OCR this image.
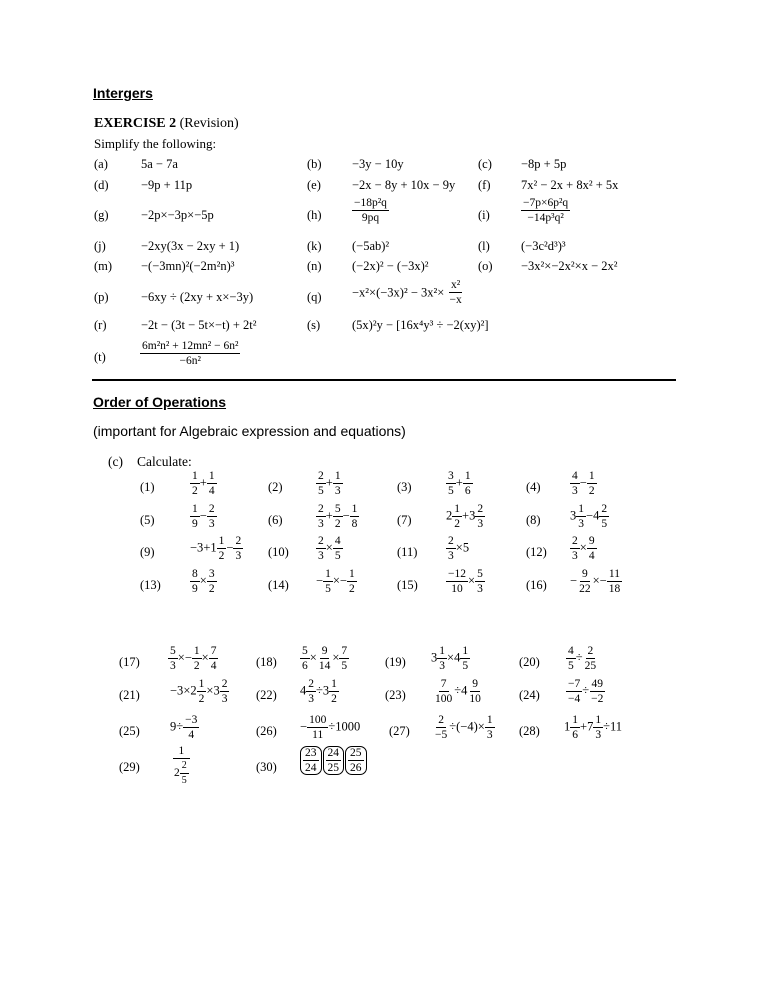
Intergers
EXERCISE 2 (Revision)
Simplify the following:
(a)	5a − 7a	(b) −3y − 10y	(c) −8p + 5p
(d)	−9p + 11p	(e) −2x − 8y + 10x − 9y (f) 7x² − 2x + 8x² + 5x
(g)	−2p×−3p×−5p	(h)	$\frac{\text{−18p²q}}{9pq}$	(i)	$\frac{\text{−7p×6p²q}}{\text{−14p³q²}}$
(j)	−2xy(3x − 2xy + 1)	(k) (−5ab)²	(l) (−3c²d³)³
(m) −(−3mn)²(−2m²n)³	(n) (−2x)² − (−3x)²	(o) −3x²×−2x²×x − 2x²
(p)	−6xy ÷ (2xy + x×−3y)	$(q) -x^2\times(-3x)^2 - 3x^2\times \frac{\text{x²}}{-x}$
(r)	−2t − (3t − 5t×−t) + 2t²	(s)	(5x)²y − [16x⁴y³ ÷ −2(xy)²]
(t)	$\frac{\text{6m²n² + 12mn² − 6n²}}{\text{−6n²}}$
Order of Operations
(important for Algebraic expression and equations)
(c) Calculate:
(1)	$\frac{1}{2} + \frac{1}{4}$	(2)	$\frac{2}{5} + \frac{1}{3}$	(3)	$\frac{3}{5} + \frac{1}{6}$	(4)	$\frac{4}{3} - \frac{1}{2}$
(5)	$\frac{1}{9} - \frac{2}{3}$	(6)	$\frac{2}{3} + \frac{5}{2} - \frac{1}{8}$	(7)	$2 \frac{1}{2} +3 \frac{2}{3}$	(8) $3 \frac{1}{3} -4 \frac{2}{5}$
(9)	$-3+1 \frac{1}{2} - \frac{2}{3} (10) \frac{2}{3} \times \frac{4}{5}$	$(11) \frac{2}{3} \times 5$	$(12) \frac{2}{3} \times \frac{9}{4}$
(13)	$\frac{8}{9} \times \frac{3}{2}$	$(14) - \frac{1}{5} \times- \frac{1}{2}$	$(15) \frac{-12}{10} \times \frac{5}{3}$	$(16) - \frac{9}{22} \times- \frac{11}{18}$
$(17) \frac{5}{3} \times- \frac{1}{2} \times \frac{7}{4}$	$(18) \frac{5}{6} \times \frac{9}{14} \times \frac{7}{5}$	(19) $3 \frac{1}{3} \times 4 \frac{1}{5}$	$(20) \frac{4}{5} \div \frac{2}{25}$
$(21) -3\times 2 \frac{1}{2} \times 3 \frac{2}{3} (22)$ $4 \frac{2}{3} \div 3 \frac{1}{2}$	$(23) \frac{7}{100} \div 4 \frac{9}{10}$	$(24) \frac{-7}{-4} \div \frac{49}{-2}$
(25) $9\div \frac{-3}{4}$	$(26) - \frac{100}{11} \div 1000$ $(27) \frac{2}{-5} \div(-4)\times \frac{1}{3} (28)$ $1 \frac{1}{6} +7 \frac{1}{3} \div 11$
(29)	$\frac{1}{2 \frac{2}{5}}$	$(30) \frac{23}{24} \frac{24}{25} \frac{25}{26}$
